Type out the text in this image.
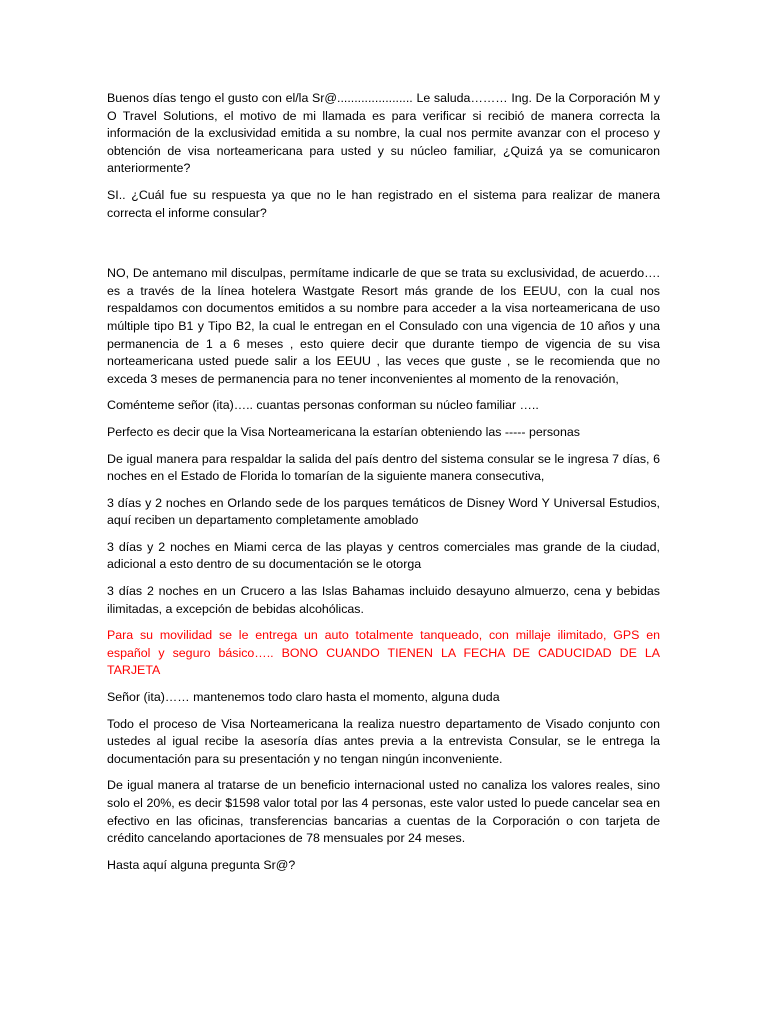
Buenos días tengo el gusto con el/la Sr@...................... Le saluda……… Ing. De la Corporación M y O Travel Solutions, el motivo de mi llamada es para verificar si recibió de manera correcta la información de la exclusividad emitida a su nombre, la cual nos permite avanzar con el proceso y obtención de visa norteamericana para usted y su núcleo familiar, ¿Quizá ya se comunicaron anteriormente?

SI.. ¿Cuál fue su respuesta ya que no le han registrado en el sistema para realizar de manera correcta el informe consular?

NO, De antemano mil disculpas, permítame indicarle de que se trata su exclusividad, de acuerdo…. es a través de la línea hotelera Wastgate Resort más grande de los EEUU, con la cual nos respaldamos con documentos emitidos a su nombre para acceder a la visa norteamericana de uso múltiple tipo B1 y Tipo B2, la cual le entregan en el Consulado con una vigencia de 10 años y una permanencia de 1 a 6 meses , esto quiere decir que durante tiempo de vigencia de su visa norteamericana usted puede salir a los EEUU , las veces que guste , se le recomienda que no exceda 3 meses de permanencia para no tener inconvenientes al momento de la renovación,

Coménteme señor (ita)….. cuantas personas conforman su núcleo familiar …..

Perfecto es decir que la Visa Norteamericana la estarían obteniendo las ----- personas

De igual manera para respaldar la salida del país dentro del sistema consular se le ingresa 7 días, 6 noches en el Estado de Florida lo tomarían de la siguiente manera consecutiva,

3 días y 2 noches en Orlando sede de los parques temáticos de Disney Word Y Universal Estudios, aquí reciben un departamento completamente amoblado

3 días y 2 noches en Miami cerca de las playas y centros comerciales mas grande de la ciudad, adicional a esto dentro de su documentación se le otorga

3 días 2 noches en un Crucero a las Islas Bahamas incluido desayuno almuerzo, cena y bebidas ilimitadas, a excepción de bebidas alcohólicas.

Para su movilidad se le entrega un auto totalmente tanqueado, con millaje ilimitado, GPS en español y seguro básico….. BONO CUANDO TIENEN LA FECHA DE CADUCIDAD DE LA TARJETA

Señor (ita)…… mantenemos todo claro hasta el momento, alguna duda

Todo el proceso de Visa Norteamericana la realiza nuestro departamento de Visado conjunto con ustedes al igual recibe la asesoría días antes previa a la entrevista Consular, se le entrega la documentación para su presentación y no tengan ningún inconveniente.

De igual manera al tratarse de un beneficio internacional usted no canaliza los valores reales, sino solo el 20%, es decir $1598 valor total por las 4 personas, este valor usted lo puede cancelar sea en efectivo en las oficinas, transferencias bancarias a cuentas de la Corporación o con tarjeta de crédito cancelando aportaciones de 78 mensuales por 24 meses.

Hasta aquí alguna pregunta Sr@?
